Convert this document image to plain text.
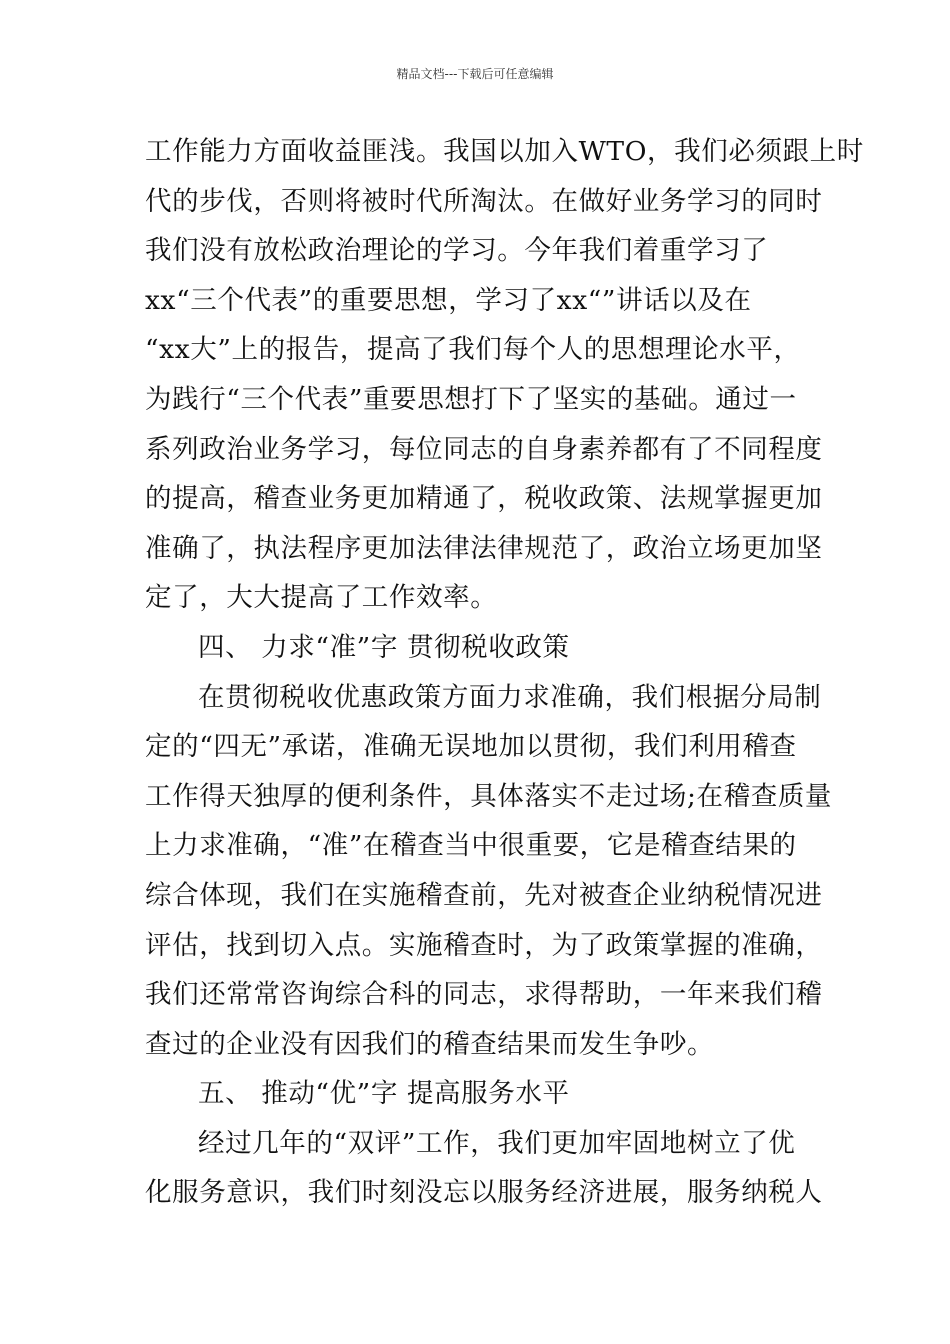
精品文档---下载后可任意编辑
工作能力方面收益匪浅。我国以加入WTO，我们必须跟上时
代的步伐，否则将被时代所淘汰。在做好业务学习的同时
我们没有放松政治理论的学习。今年我们着重学习了
xx“三个代表”的重要思想，学习了xx“”讲话以及在
“xx大”上的报告，提高了我们每个人的思想理论水平，
为践行“三个代表”重要思想打下了坚实的基础。通过一
系列政治业务学习，每位同志的自身素养都有了不同程度
的提高，稽查业务更加精通了，税收政策、法规掌握更加
准确了，执法程序更加法律法律规范了，政治立场更加坚
定了，大大提高了工作效率。
四、 力求“准”字 贯彻税收政策
在贯彻税收优惠政策方面力求准确，我们根据分局制
定的“四无”承诺，准确无误地加以贯彻，我们利用稽查
工作得天独厚的便利条件，具体落实不走过场;在稽查质量
上力求准确，“准”在稽查当中很重要，它是稽查结果的
综合体现，我们在实施稽查前，先对被查企业纳税情况进
评估，找到切入点。实施稽查时，为了政策掌握的准确，
我们还常常咨询综合科的同志，求得帮助，一年来我们稽
查过的企业没有因我们的稽查结果而发生争吵。
五、 推动“优”字 提高服务水平
经过几年的“双评”工作，我们更加牢固地树立了优
化服务意识，我们时刻没忘以服务经济进展，服务纳税人
